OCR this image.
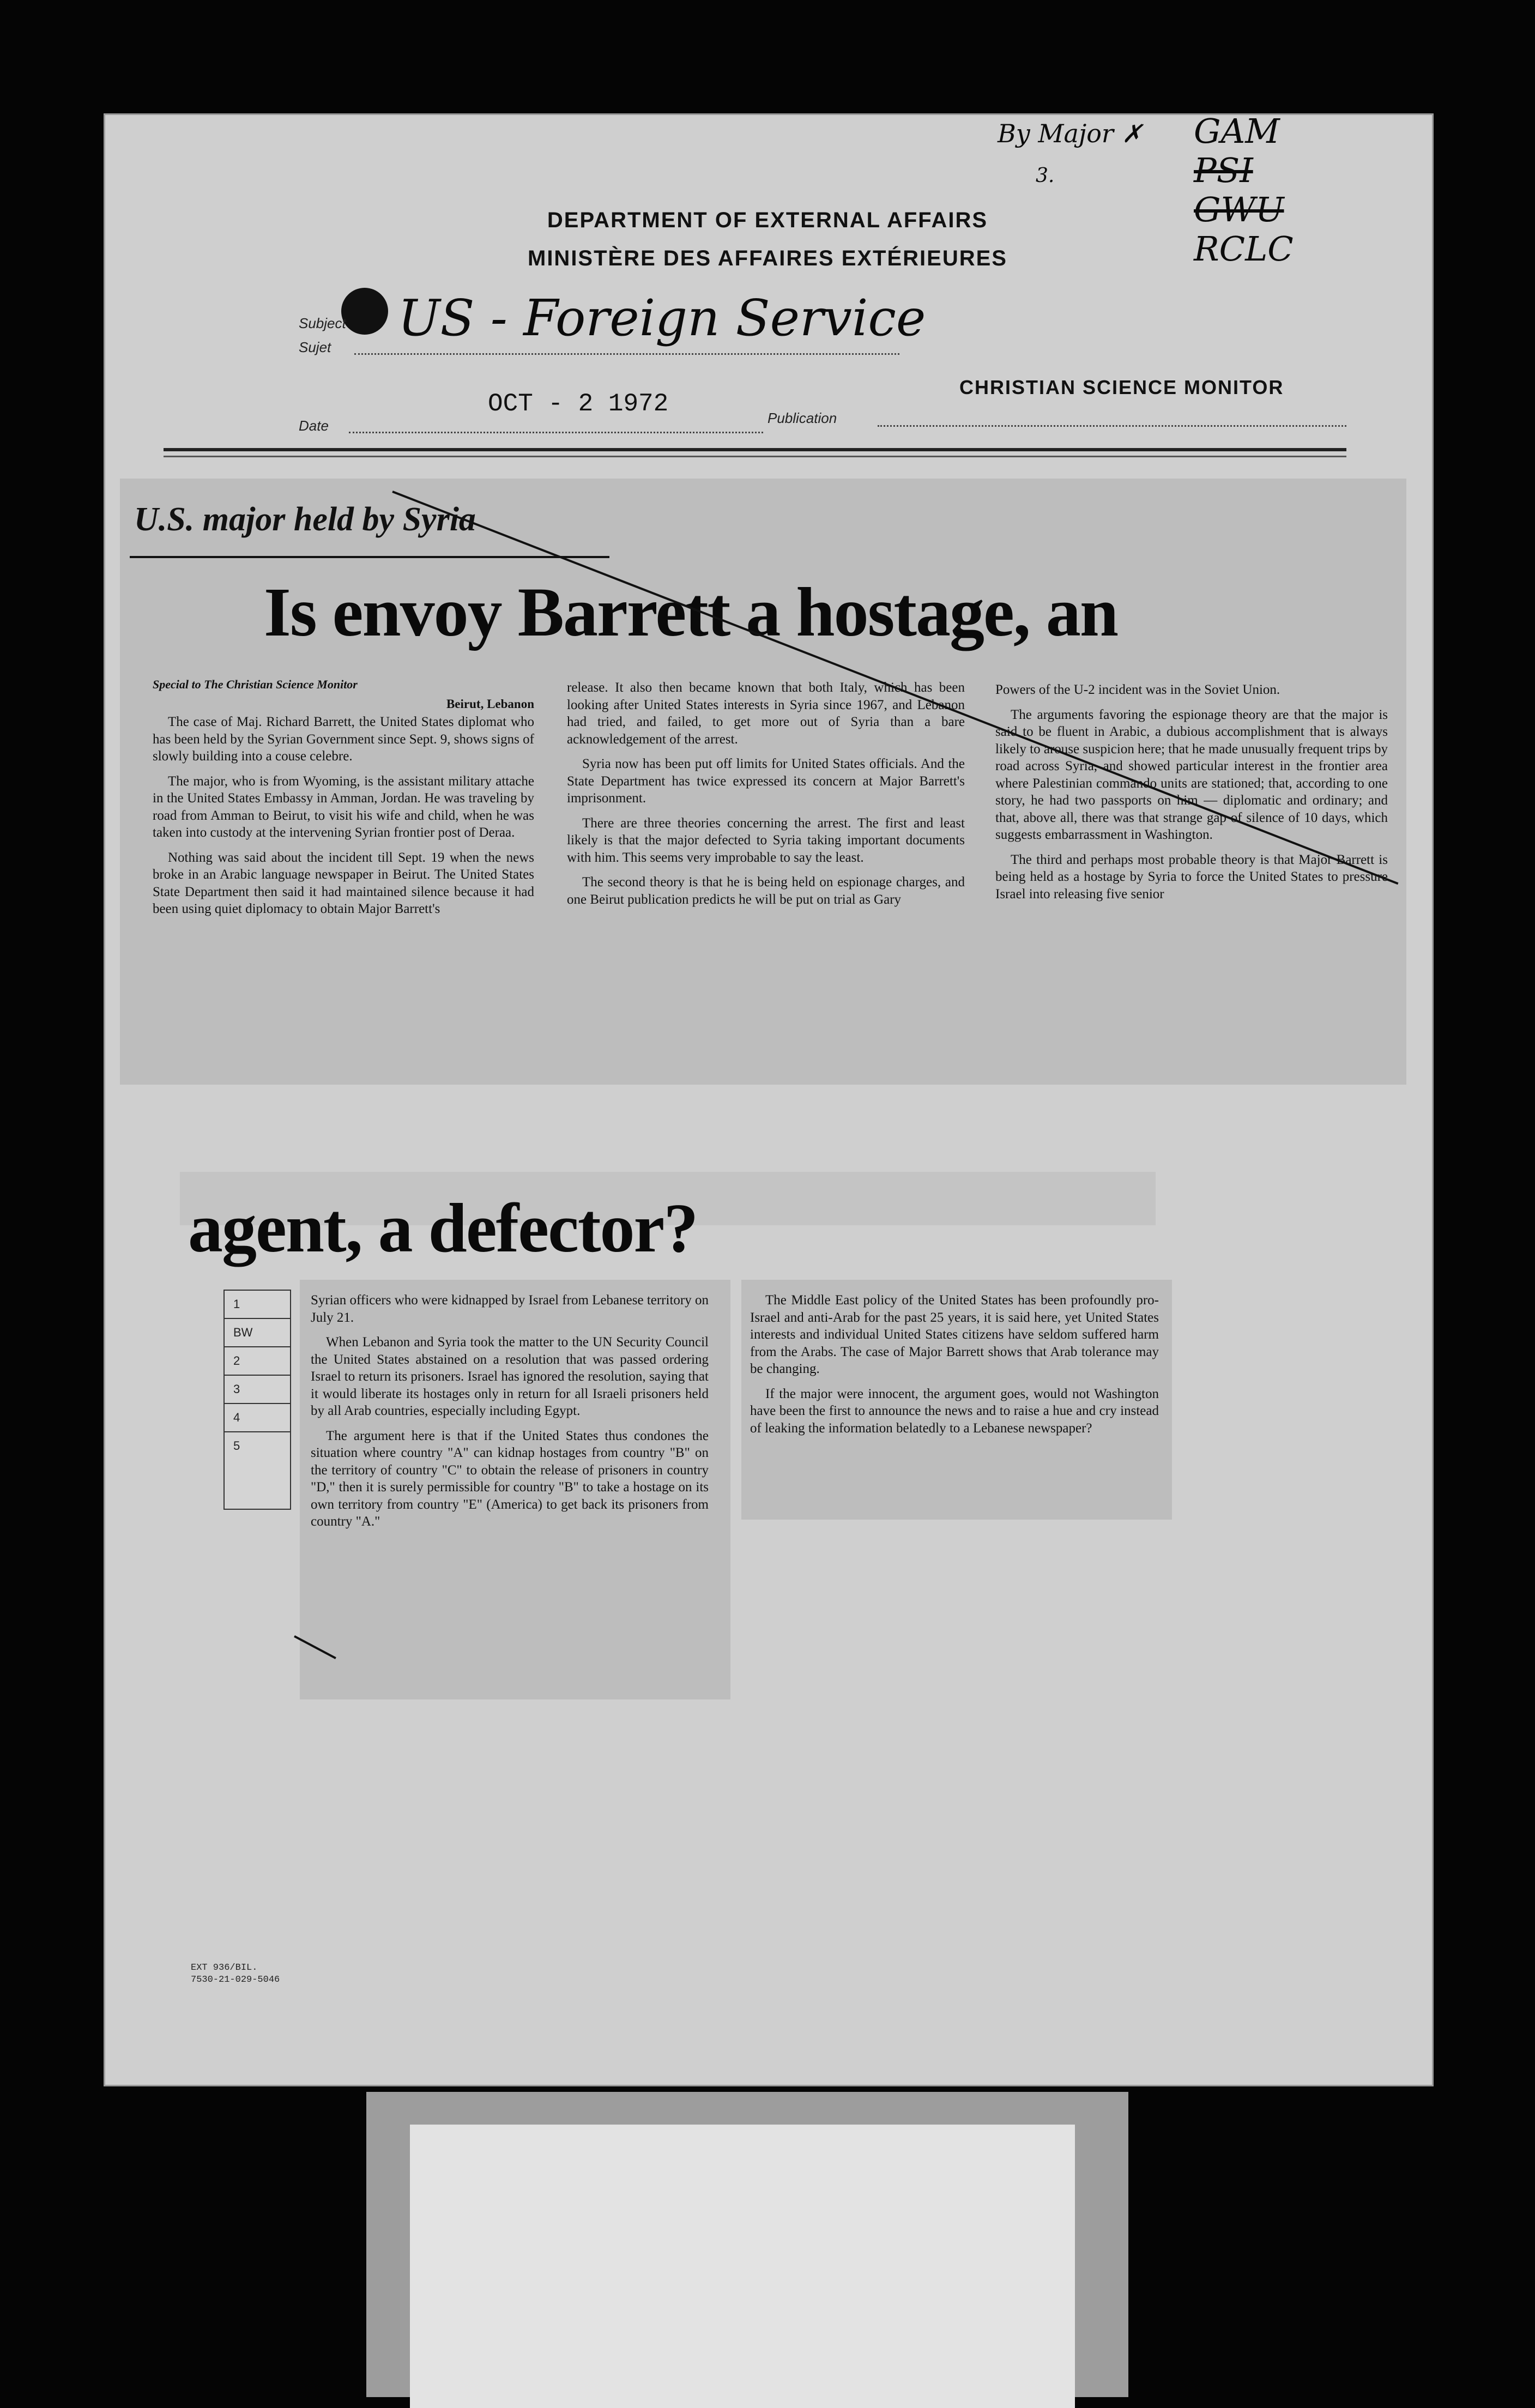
DEPARTMENT OF EXTERNAL AFFAIRS
MINISTÈRE DES AFFAIRES EXTÉRIEURES
By Major ✗
3.
GAM
PSI
GWU
RCLC
Subject
Sujet US - Foreign Service
Date
OCT - 2 1972	Publication
CHRISTIAN SCIENCE MONITOR
U.S. major held by Syria
Is envoy Barrett a hostage, an
Special to The Christian Science Monitor
Beirut, Lebanon

The case of Maj. Richard Barrett, the United States diplomat who has been held by the Syrian Government since Sept. 9, shows signs of slowly building into a couse celebre.

The major, who is from Wyoming, is the assistant military attache in the United States Embassy in Amman, Jordan. He was traveling by road from Amman to Beirut, to visit his wife and child, when he was taken into custody at the intervening Syrian frontier post of Deraa.

Nothing was said about the incident till Sept. 19 when the news broke in an Arabic language newspaper in Beirut. The United States State Department then said it had maintained silence because it had been using quiet diplomacy to obtain Major Barrett's

release. It also then became known that both Italy, which has been looking after United States interests in Syria since 1967, and Lebanon had tried, and failed, to get more out of Syria than a bare acknowledgement of the arrest.

Syria now has been put off limits for United States officials. And the State Department has twice expressed its concern at Major Barrett's imprisonment.

There are three theories concerning the arrest. The first and least likely is that the major defected to Syria taking important documents with him. This seems very improbable to say the least.

The second theory is that he is being held on espionage charges, and one Beirut publication predicts he will be put on trial as Gary

Powers of the U-2 incident was in the Soviet Union.

The arguments favoring the espionage theory are that the major is said to be fluent in Arabic, a dubious accomplishment that is always likely to arouse suspicion here; that he made unusually frequent trips by road across Syria, and showed particular interest in the frontier area where Palestinian commando units are stationed; that, according to one story, he had two passports on him — diplomatic and ordinary; and that, above all, there was that strange gap of silence of 10 days, which suggests embarrassment in Washington.

The third and perhaps most probable theory is that Major Barrett is being held as a hostage by Syria to force the United States to pressure Israel into releasing five senior

agent, a defector?
1
BW
2
3
4
5

Syrian officers who were kidnapped by Israel from Lebanese territory on July 21.

When Lebanon and Syria took the matter to the UN Security Council the United States abstained on a resolution that was passed ordering Israel to return its prisoners. Israel has ignored the resolution, saying that it would liberate its hostages only in return for all Israeli prisoners held by all Arab countries, especially including Egypt.

The argument here is that if the United States thus condones the situation where country "A" can kidnap hostages from country "B" on the territory of country "C" to obtain the release of prisoners in country "D," then it is surely permissible for country "B" to take a hostage on its own territory from country "E" (America) to get back its prisoners from country "A."

The Middle East policy of the United States has been profoundly pro-Israel and anti-Arab for the past 25 years, it is said here, yet United States interests and individual United States citizens have seldom suffered harm from the Arabs. The case of Major Barrett shows that Arab tolerance may be changing.

If the major were innocent, the argument goes, would not Washington have been the first to announce the news and to raise a hue and cry instead of leaking the information belatedly to a Lebanese newspaper?

EXT 936/BIL.
7530-21-029-5046
